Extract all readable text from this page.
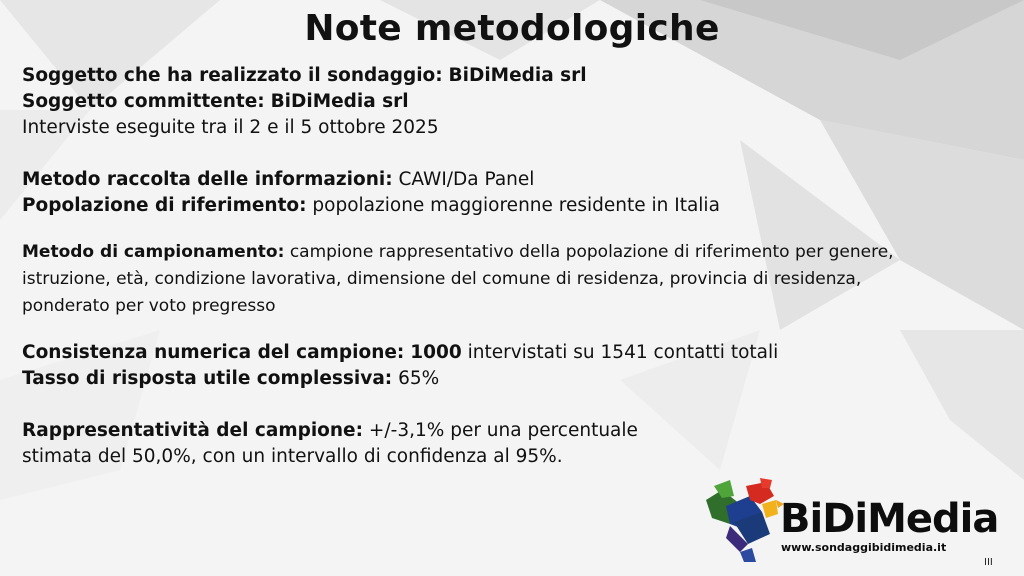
Note metodologiche
Soggetto che ha realizzato il sondaggio: BiDiMedia srl
Soggetto committente: BiDiMedia srl
Interviste eseguite tra il 2 e il 5 ottobre 2025
Metodo raccolta delle informazioni: CAWI/Da Panel
Popolazione di riferimento: popolazione maggiorenne residente in Italia
Metodo di campionamento: campione rappresentativo della popolazione di riferimento per genere,
istruzione, età, condizione lavorativa, dimensione del comune di residenza, provincia di residenza,
ponderato per voto pregresso
Consistenza numerica del campione: 1000 intervistati su 1541 contatti totali
Tasso di risposta utile complessiva: 65%
Rappresentatività del campione: +/-3,1% per una percentuale
stimata del 50,0%, con un intervallo di confidenza al 95%.
BiDiMedia
www.sondaggibidimedia.it
III
